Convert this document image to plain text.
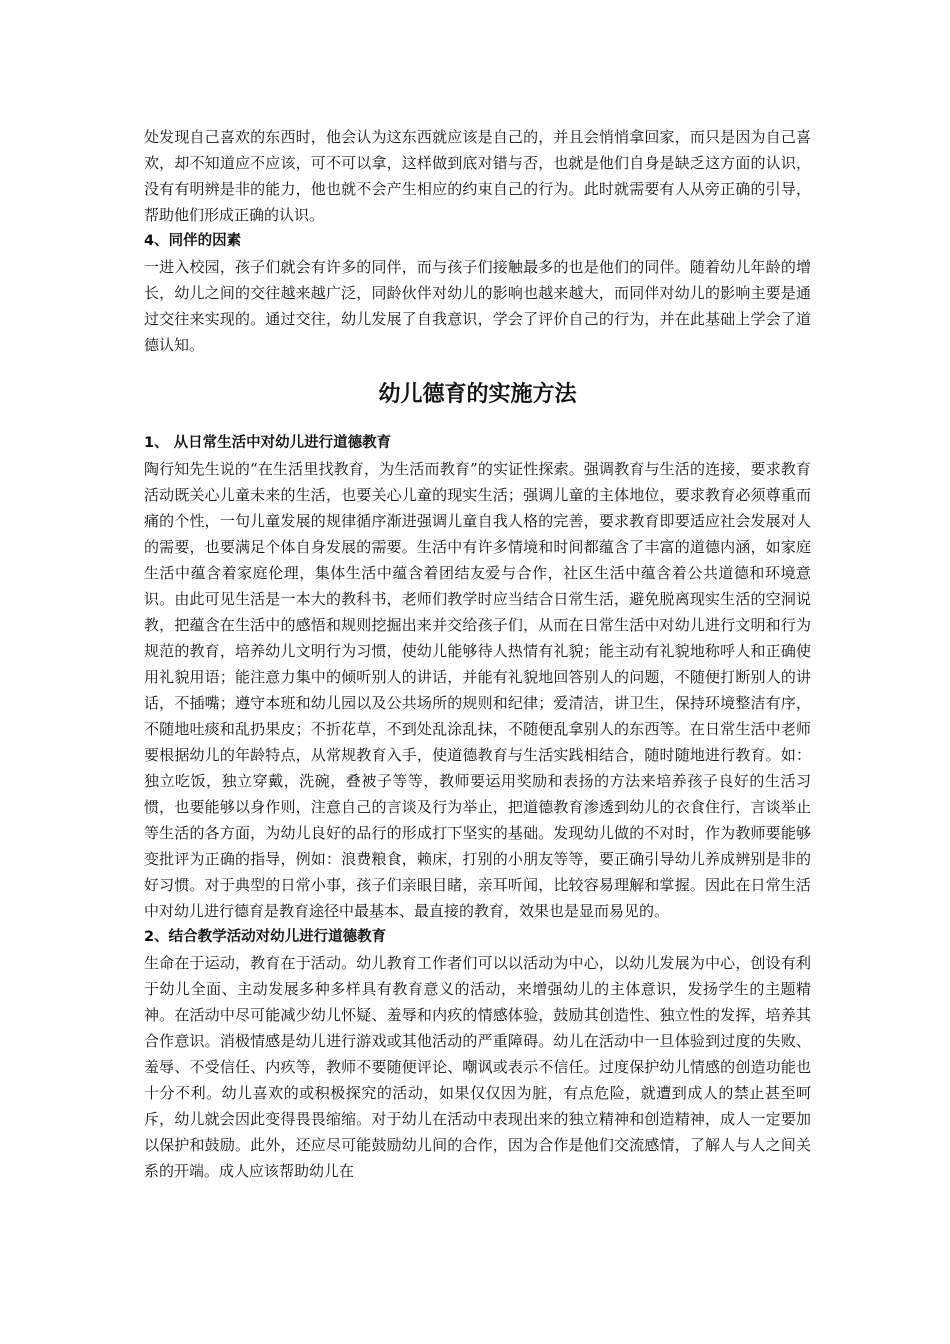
处发现自己喜欢的东西时，他会认为这东西就应该是自己的，并且会悄悄拿回家，而只是因为自己喜欢，却不知道应不应该，可不可以拿，这样做到底对错与否，也就是他们自身是缺乏这方面的认识，没有有明辨是非的能力，他也就不会产生相应的约束自己的行为。此时就需要有人从旁正确的引导，帮助他们形成正确的认识。

4、同伴的因素

一进入校园，孩子们就会有许多的同伴，而与孩子们接触最多的也是他们的同伴。随着幼儿年龄的增长，幼儿之间的交往越来越广泛，同龄伙伴对幼儿的影响也越来越大，而同伴对幼儿的影响主要是通过交往来实现的。通过交往，幼儿发展了自我意识，学会了评价自己的行为，并在此基础上学会了道德认知。

幼儿德育的实施方法

1、 从日常生活中对幼儿进行道德教育

陶行知先生说的“在生活里找教育，为生活而教育”的实证性探索。强调教育与生活的连接，要求教育活动既关心儿童未来的生活，也要关心儿童的现实生活；强调儿童的主体地位，要求教育必须尊重而痛的个性，一句儿童发展的规律循序渐进强调儿童自我人格的完善，要求教育即要适应社会发展对人的需要，也要满足个体自身发展的需要。生活中有许多情境和时间都蕴含了丰富的道德内涵，如家庭生活中蕴含着家庭伦理，集体生活中蕴含着团结友爱与合作，社区生活中蕴含着公共道德和环境意识。由此可见生活是一本大的教科书，老师们教学时应当结合日常生活，避免脱离现实生活的空洞说教，把蕴含在生活中的感悟和规则挖掘出来并交给孩子们，从而在日常生活中对幼儿进行文明和行为规范的教育，培养幼儿文明行为习惯，使幼儿能够待人热情有礼貌；能主动有礼貌地称呼人和正确使用礼貌用语；能注意力集中的倾听别人的讲话，并能有礼貌地回答别人的问题，不随便打断别人的讲话，不插嘴；遵守本班和幼儿园以及公共场所的规则和纪律；爱清洁，讲卫生，保持环境整洁有序，不随地吐痰和乱扔果皮；不折花草，不到处乱涂乱抹，不随便乱拿别人的东西等。在日常生活中老师要根据幼儿的年龄特点，从常规教育入手，使道德教育与生活实践相结合，随时随地进行教育。如：独立吃饭，独立穿戴，洗碗，叠被子等等，教师要运用奖励和表扬的方法来培养孩子良好的生活习惯，也要能够以身作则，注意自己的言谈及行为举止，把道德教育渗透到幼儿的衣食住行，言谈举止等生活的各方面，为幼儿良好的品行的形成打下坚实的基础。发现幼儿做的不对时，作为教师要能够变批评为正确的指导，例如：浪费粮食，赖床，打别的小朋友等等，要正确引导幼儿养成辨别是非的好习惯。对于典型的日常小事，孩子们亲眼目睹，亲耳听闻，比较容易理解和掌握。因此在日常生活中对幼儿进行德育是教育途径中最基本、最直接的教育，效果也是显而易见的。

2、结合教学活动对幼儿进行道德教育

生命在于运动，教育在于活动。幼儿教育工作者们可以以活动为中心，以幼儿发展为中心，创设有利于幼儿全面、主动发展多种多样具有教育意义的活动，来增强幼儿的主体意识，发扬学生的主题精神。在活动中尽可能减少幼儿怀疑、羞辱和内疚的情感体验，鼓励其创造性、独立性的发挥，培养其合作意识。消极情感是幼儿进行游戏或其他活动的严重障碍。幼儿在活动中一旦体验到过度的失败、羞辱、不受信任、内疚等，教师不要随便评论、嘲讽或表示不信任。过度保护幼儿情感的创造功能也十分不利。幼儿喜欢的或积极探究的活动，如果仅仅因为脏，有点危险，就遭到成人的禁止甚至呵斥，幼儿就会因此变得畏畏缩缩。对于幼儿在活动中表现出来的独立精神和创造精神，成人一定要加以保护和鼓励。此外，还应尽可能鼓励幼儿间的合作，因为合作是他们交流感情，了解人与人之间关系的开端。成人应该帮助幼儿在
